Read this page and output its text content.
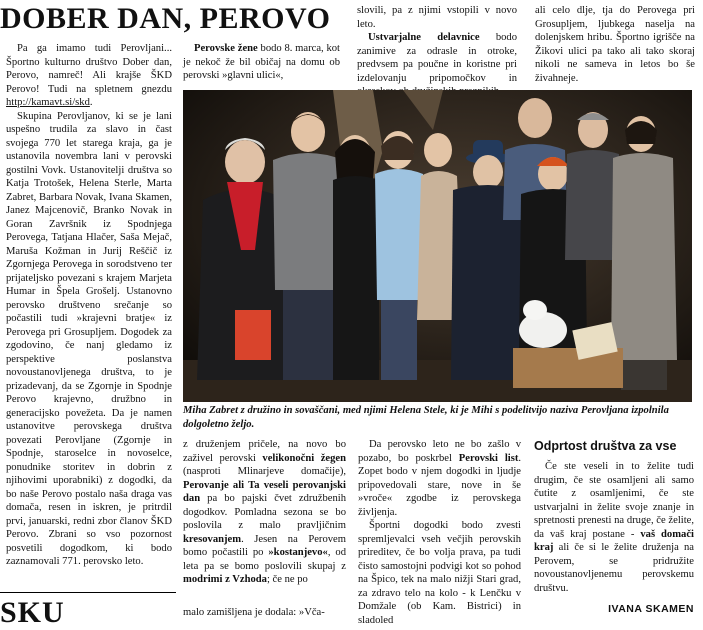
DOBER DAN, PEROVO

Pa ga imamo tudi Perovljani... Športno kulturno društvo Dober dan, Perovo, namreč! Ali krajše ŠKD Perovo! Tudi na spletnem gnezdu http://kamavt.si/skd.

Skupina Perovljanov, ki se je lani uspešno trudila za slavo in čast svojega 770 let starega kraja, ga je ustanovila novembra lani v perovski gostilni Vovk. Ustanovitelji društva so Katja Trotošek, Helena Sterle, Marta Zabret, Barbara Novak, Ivana Skamen, Janez Majcenovič, Branko Novak in Goran Završnik iz Spodnjega Perovega, Tatjana Hlačer, Saša Mejač, Maruša Kožman in Jurij Reščič iz Zgornjega Perovega in sorodstveno ter prijateljsko povezani s krajem Marjeta Humar in Špela Grošelj. Ustanovno perovsko društveno srečanje so počastili tudi »krajevni bratje« iz Perovega pri Grosupljem. Dogodek za zgodovino, če nanj gledamo iz perspektive poslanstva novoustanovljenega društva, to je prizadevanj, da se Zgornje in Spodnje Perovo krajevno, družbno in generacijsko povežeta. Da je namen ustanovitve perovskega društva povezati Perovljane (Zgornje in Spodnje, staroselce in novoselce, ponudnike storitev in dobrin z njihovimi uporabniki) z dogodki, da bo naše Perovo postalo naša draga vas domača, resen in iskren, je pritrdil prvi, januarski, redni zbor članov ŠKD Perovo. Zbrani so vso pozornost posvetili dogodkom, ki bodo zaznamovali 771. perovsko leto.

Perovske žene bodo 8. marca, kot je nekoč že bil običaj na domu ob perovski »glavni ulici«,

slovili, pa z njimi vstopili v novo leto.

Ustvarjalne delavnice bodo zanimive za odrasle in otroke, predvsem pa poučne in koristne pri izdelovanju pripomočkov in

ali celo dlje, tja do Perovega pri Grosupljem, ljubkega naselja na dolenjskem hribu. Športno igrišče na Žikovi ulici pa tako ali tako skoraj nikoli ne sameva in letos bo še živahneje.

Miha Zabret z družino in sovaščani, med njimi Helena Stele, ki je Mihi s podelitvijo naziva Perovljana izpolnila dolgoletno željo.

z druženjem pričele, na novo bo zaživel perovski velikonočni žegen (nasproti Mlinarjeve domačije), Perovanje ali Ta veseli perovanjski dan pa bo pajski čvet združbenih dogodkov. Pomladna sezona se bo poslovila z malo pravljičnim kresovanjem. Jesen na Perovem bomo počastili po »kostanjevo«, od leta pa se bomo poslovili skupaj z modrimi z Vzhoda; če ne po

Da perovsko leto ne bo zašlo v pozabo, bo poskrbel Perovski list. Zopet bodo v njem dogodki in ljudje pripovedovali stare, nove in še »vroče« zgodbe iz perovskega življenja.

Športni dogodki bodo zvesti spremljevalci vseh večjih perovskih prireditev, če bo volja prava, pa tudi čisto samostojni podvigi kot so pohod na Špico, tek na malo nižji Stari grad, za zdravo telo na kolo - k Lenčku v Domžale (ob Kam. Bistrici) in sladoled

Odprtost društva za vse

Če ste veseli in to želite tudi drugim, če ste osamljeni ali samo čutite z osamljenimi, če ste ustvarjalni in želite svoje znanje in spretnosti prenesti na druge, če želite, da vaš kraj postane - vaš domači kraj ali če si le želite druženja na Perovem, se pridružite novoustanovljenemu perovskemu društvu.

IVANA SKAMEN
SKU	malo zamišljena je dodala: »Vča-
